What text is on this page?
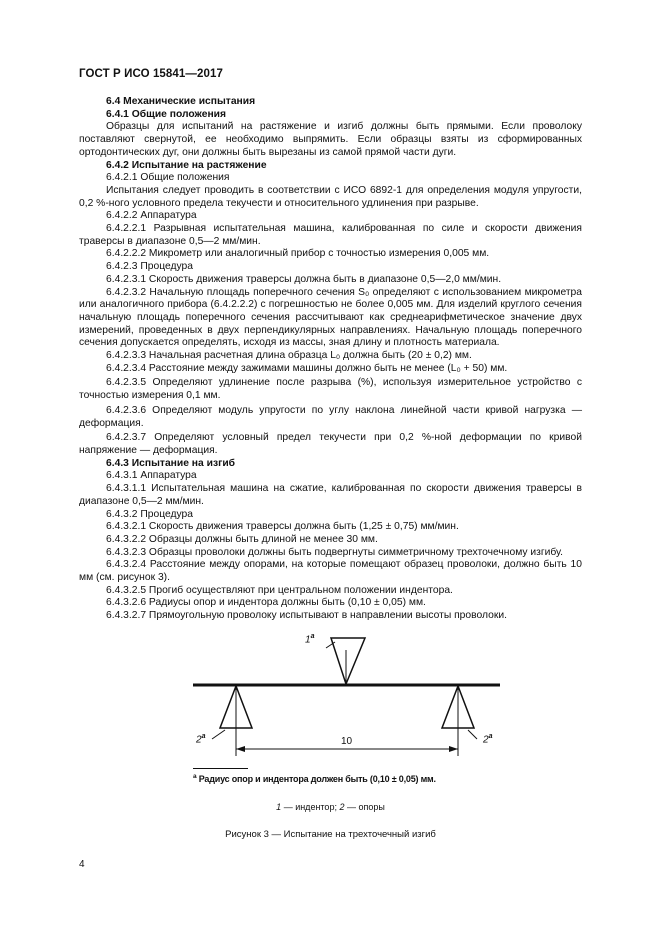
ГОСТ Р ИСО 15841—2017

6.4 Механические испытания

6.4.1 Общие положения

Образцы для испытаний на растяжение и изгиб должны быть прямыми. Если проволоку поставляют свернутой, ее необходимо выпрямить. Если образцы взяты из сформированных ортодонтических дуг, они должны быть вырезаны из самой прямой части дуги.

6.4.2 Испытание на растяжение

6.4.2.1 Общие положения

Испытания следует проводить в соответствии с ИСО 6892-1 для определения модуля упругости, 0,2 %-ного условного предела текучести и относительного удлинения при разрыве.

6.4.2.2 Аппаратура

6.4.2.2.1 Разрывная испытательная машина, калиброванная по силе и скорости движения траверсы в диапазоне 0,5—2 мм/мин.

6.4.2.2.2 Микрометр или аналогичный прибор с точностью измерения 0,005 мм.

6.4.2.3 Процедура

6.4.2.3.1 Скорость движения траверсы должна быть в диапазоне 0,5—2,0 мм/мин.

6.4.2.3.2 Начальную площадь поперечного сечения S₀ определяют с использованием микрометра или аналогичного прибора (6.4.2.2.2) с погрешностью не более 0,005 мм. Для изделий круглого сечения начальную площадь поперечного сечения рассчитывают как среднеарифметическое значение двух измерений, проведенных в двух перпендикулярных направлениях. Начальную площадь поперечного сечения допускается определять, исходя из массы, зная длину и плотность материала.

6.4.2.3.3 Начальная расчетная длина образца L₀ должна быть (20 ± 0,2) мм.

6.4.2.3.4 Расстояние между зажимами машины должно быть не менее (L₀ + 50) мм.

6.4.2.3.5 Определяют удлинение после разрыва (%), используя измерительное устройство с точностью измерения 0,1 мм.

6.4.2.3.6 Определяют модуль упругости по углу наклона линейной части кривой нагрузка — деформация.

6.4.2.3.7 Определяют условный предел текучести при 0,2 %-ной деформации по кривой напряжение — деформация.

6.4.3 Испытание на изгиб

6.4.3.1 Аппаратура

6.4.3.1.1 Испытательная машина на сжатие, калиброванная по скорости движения траверсы в диапазоне 0,5—2 мм/мин.

6.4.3.2 Процедура

6.4.3.2.1 Скорость движения траверсы должна быть (1,25 ± 0,75) мм/мин.

6.4.3.2.2 Образцы должны быть длиной не менее 30 мм.

6.4.3.2.3 Образцы проволоки должны быть подвергнуты симметричному трехточечному изгибу.

6.4.3.2.4 Расстояние между опорами, на которые помещают образец проволоки, должно быть 10 мм (см. рисунок 3).

6.4.3.2.5 Прогиб осуществляют при центральном положении индентора.

6.4.3.2.6 Радиусы опор и индентора должны быть (0,10 ± 0,05) мм.

6.4.3.2.7 Прямоугольную проволоку испытывают в направлении высоты проволоки.

$1^а$
$2^а$	$2^а$
10
$^а$ Радиус опор и индентора должен быть (0,10 ± 0,05) мм.
1 — индентор; 2 — опоры
Рисунок 3 — Испытание на трехточечный изгиб
4
